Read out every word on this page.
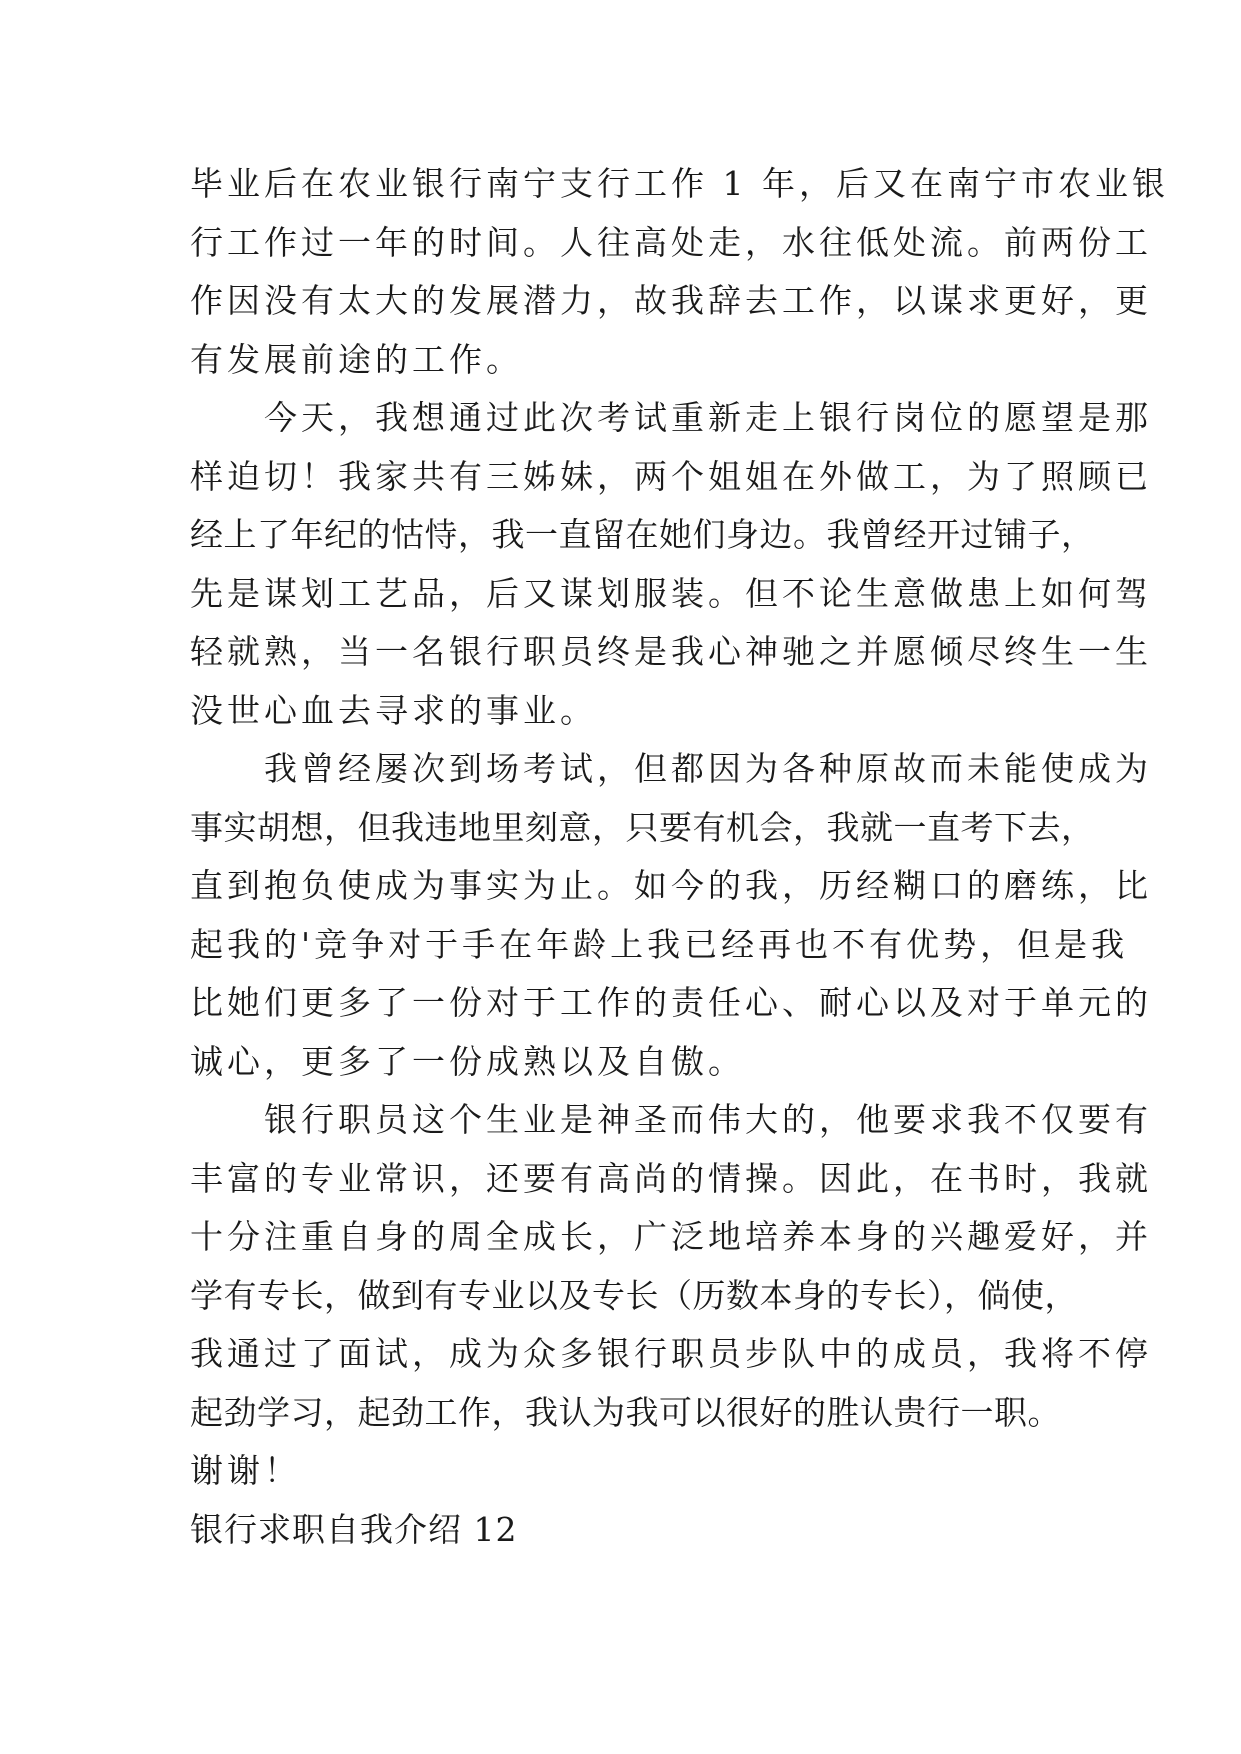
毕业后在农业银行南宁支行工作 1 年，后又在南宁市农业银
行工作过一年的时间。人往高处走，水往低处流。前两份工
作因没有太大的发展潜力，故我辞去工作，以谋求更好，更
有发展前途的工作。
　　今天，我想通过此次考试重新走上银行岗位的愿望是那
样迫切！我家共有三姊妹，两个姐姐在外做工，为了照顾已
经上了年纪的怙恃，我一直留在她们身边。我曾经开过铺子，
先是谋划工艺品，后又谋划服装。但不论生意做患上如何驾
轻就熟，当一名银行职员终是我心神驰之并愿倾尽终生一生
没世心血去寻求的事业。
　　我曾经屡次到场考试，但都因为各种原故而未能使成为
事实胡想，但我违地里刻意，只要有机会，我就一直考下去，
直到抱负使成为事实为止。如今的我，历经糊口的磨练，比
起我的'竞争对于手在年龄上我已经再也不有优势，但是我
比她们更多了一份对于工作的责任心、耐心以及对于单元的
诚心，更多了一份成熟以及自傲。
　　银行职员这个生业是神圣而伟大的，他要求我不仅要有
丰富的专业常识，还要有高尚的情操。因此，在书时，我就
十分注重自身的周全成长，广泛地培养本身的兴趣爱好，并
学有专长，做到有专业以及专长（历数本身的专长），倘使，
我通过了面试，成为众多银行职员步队中的成员，我将不停
起劲学习，起劲工作，我认为我可以很好的胜认贵行一职。
谢谢！
银行求职自我介绍 12
